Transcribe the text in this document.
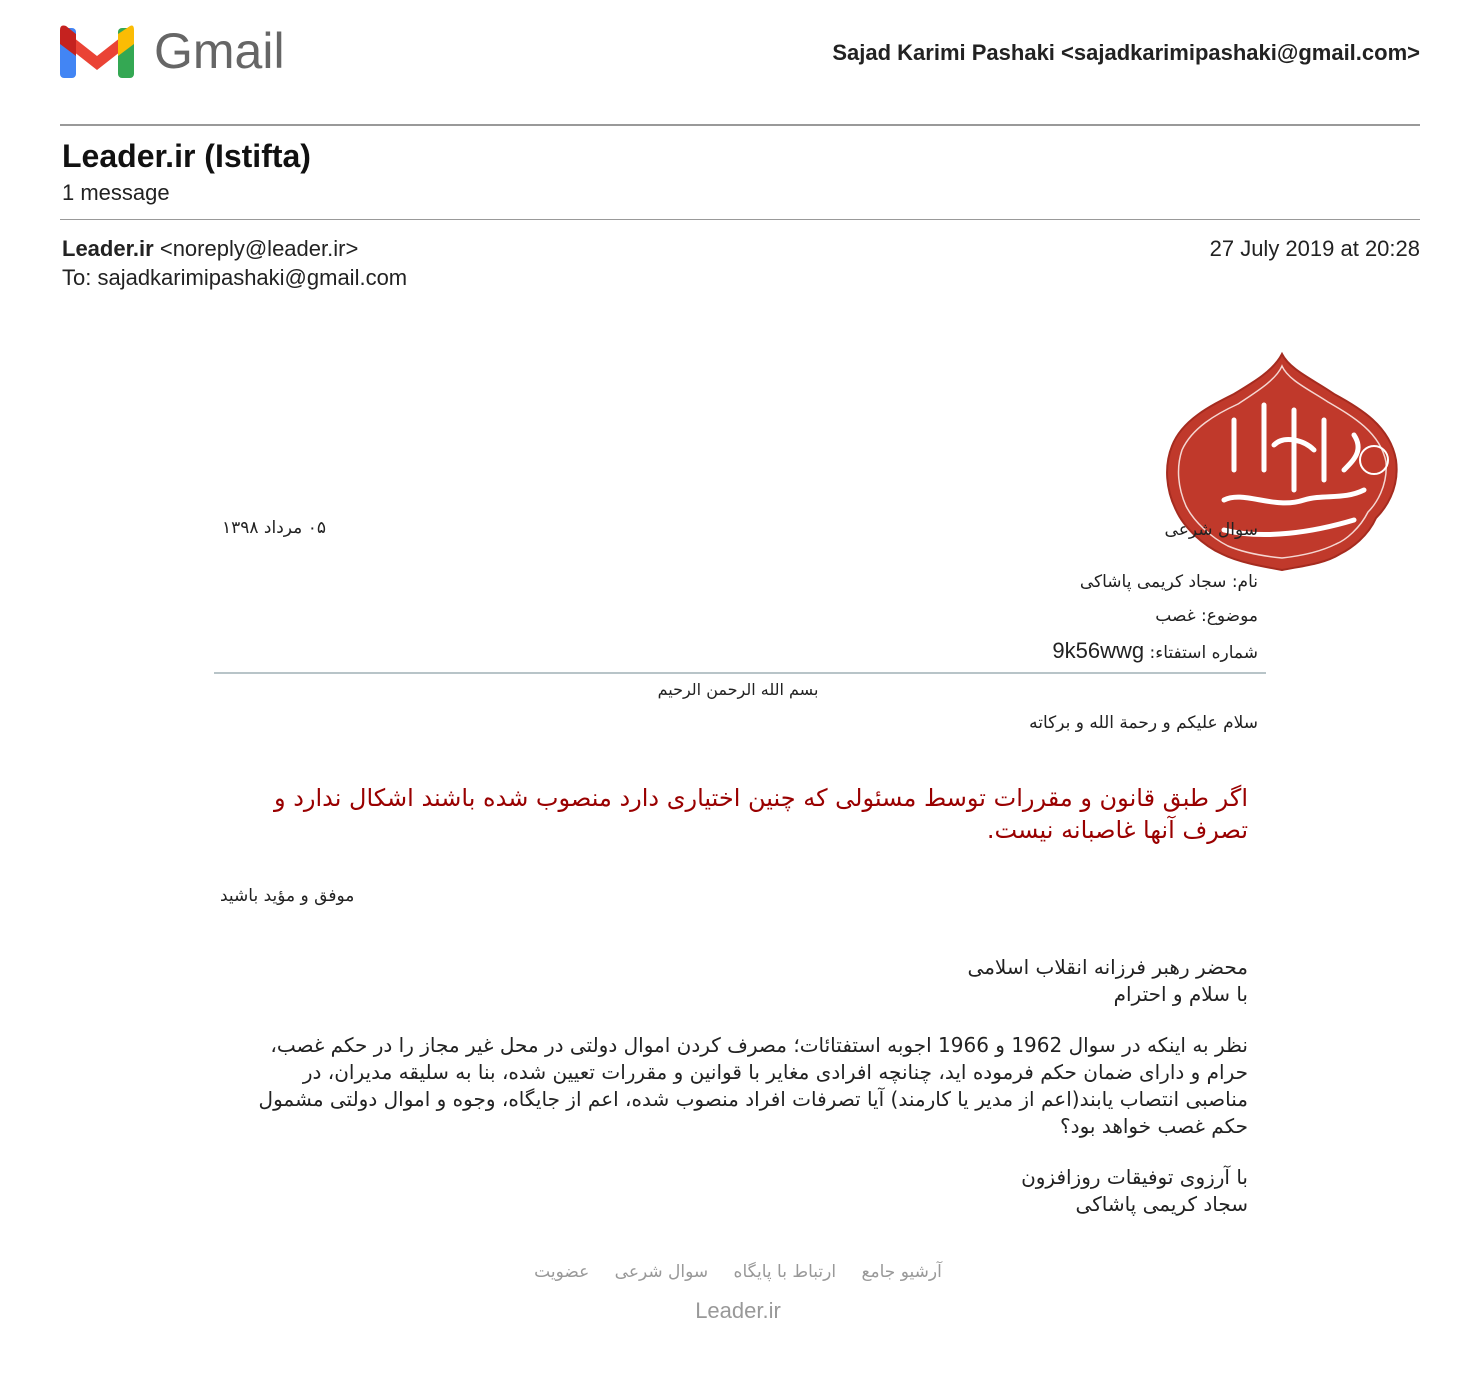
Gmail	Sajad Karimi Pashaki <sajadkarimipashaki@gmail.com>
Leader.ir (Istifta)
1 message
Leader.ir <noreply@leader.ir>
To: sajadkarimipashaki@gmail.com
27 July 2019 at 20:28
۰۵ مرداد ۱۳۹۸	سوال شرعی
نام: سجاد کریمی پاشاکی
موضوع: غصب
شماره استفتاء: 9k56wwg
بسم الله الرحمن الرحیم
سلام علیکم و رحمة الله و برکاته
اگر طبق قانون و مقررات توسط مسئولی که چنین اختیاری دارد منصوب شده باشند اشکال ندارد و تصرف آنها غاصبانه نیست.
موفق و مؤید باشید

محضر رهبر فرزانه انقلاب اسلامی

با سلام و احترام

نظر به اینکه در سوال 1962 و 1966 اجوبه استفتائات؛ مصرف کردن اموال دولتی در محل غیر مجاز را در حکم غصب، حرام و دارای ضمان حکم فرموده اید، چنانچه افرادی مغایر با قوانین و مقررات تعیین شده، بنا به سلیقه مدیران، در مناصبی انتصاب یابند(اعم از مدیر یا کارمند) آیا تصرفات افراد منصوب شده، اعم از جایگاه، وجوه و اموال دولتی مشمول حکم غصب خواهد بود؟

با آرزوی توفیقات روزافزون

سجاد کریمی پاشاکی

آرشیو جامع ارتباط با پایگاه سوال شرعی عضویت
Leader.ir
